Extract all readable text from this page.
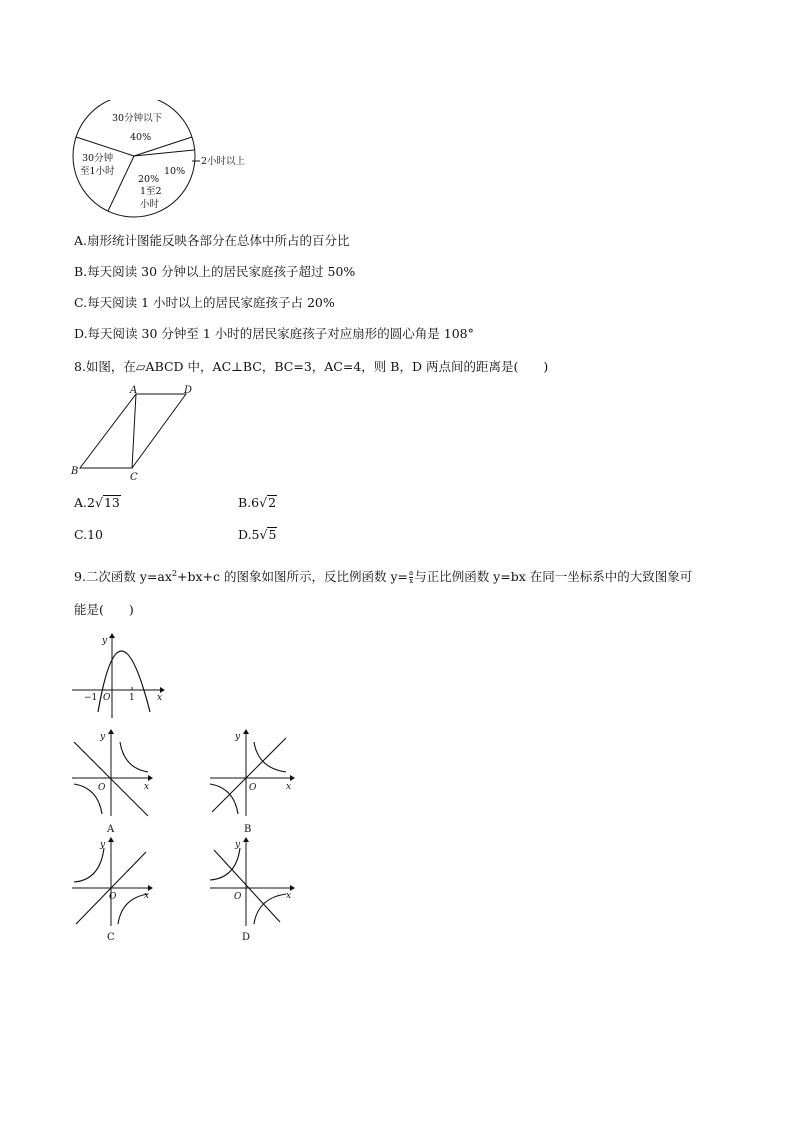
30分钟以下
40%
30分钟
至1小时	10%
20%
1至2
小时
2小时以上
A.扇形统计图能反映各部分在总体中所占的百分比
B.每天阅读 30 分钟以上的居民家庭孩子超过 50%
C.每天阅读 1 小时以上的居民家庭孩子占 20%
D.每天阅读 30 分钟至 1 小时的居民家庭孩子对应扇形的圆心角是 108°
8.如图，在▱ABCD 中，AC⊥BC，BC=3，AC=4，则 B，D 两点间的距离是(　　)
A	D
B
C
A.2√13	B.6√2
C.10	D.5√5
9.二次函数 $y=ax^2+bx+c$ 的图象如图所示，反比例函数 $y= \frac{a}{x}$ 与正比例函数 y=bx 在同一坐标系中的大致图象可
能是(　　)
y
x
O
−1	1
y
x
O
A
y
x
O
B
y
x
O
C
y
x
O
D
